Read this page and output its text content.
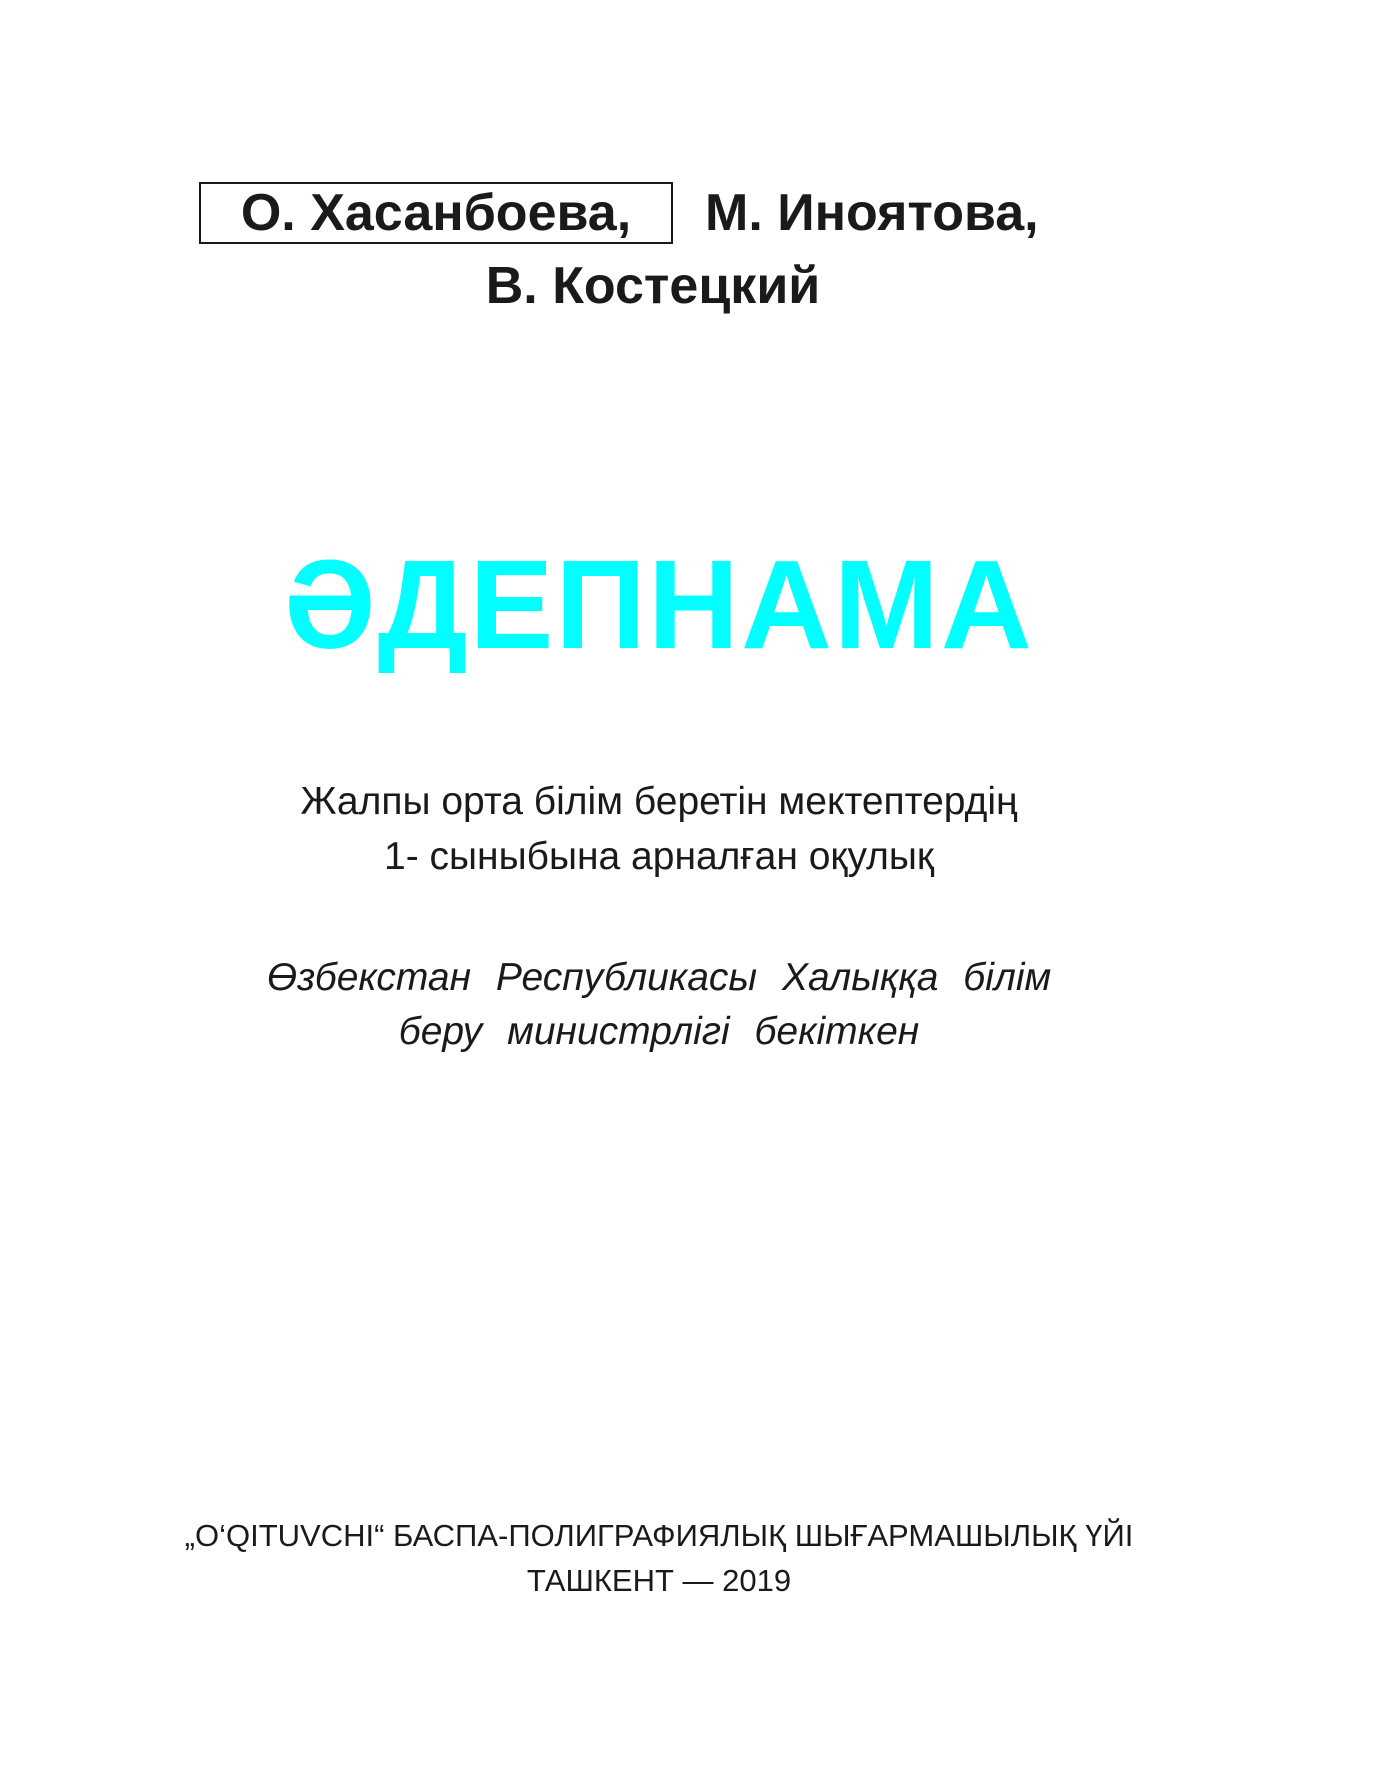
О. Хасанбоева,	М. Иноятова,
В. Костецкий
ӘДЕПНАМА
Жалпы орта білім беретін мектептердің
1- сыныбына арналған оқулық
Өзбекстан Республикасы Халыққа білім
беру министрлігі бекіткен
„O‘QITUVCHI“ БАСПА-ПОЛИГРАФИЯЛЫҚ ШЫҒАРМАШЫЛЫҚ ҮЙІ
ТАШКЕНТ — 2019
